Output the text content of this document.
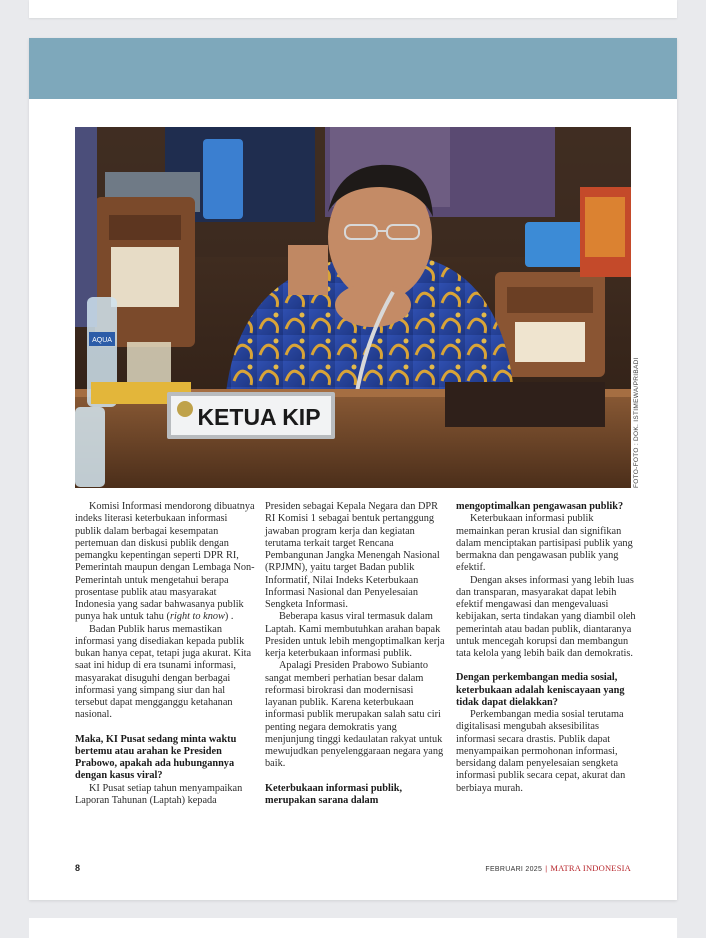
AQUA
KETUA KIP	FOTO-FOTO : DOK. ISTIMEWA/PRIBADI

Komisi Informasi mendorong dibuatnya indeks literasi keterbukaan informasi publik dalam berbagai kesempatan pertemuan dan diskusi publik dengan pemangku kepentingan seperti DPR RI, Pemerintah maupun dengan Lembaga Non-Pemerintah untuk mengetahui berapa prosentase publik atau masyarakat Indonesia yang sadar bahwasanya publik punya hak untuk tahu (right to know) .

Badan Publik harus memastikan informasi yang disediakan kepada publik bukan hanya cepat, tetapi juga akurat. Kita saat ini hidup di era tsunami informasi, masyarakat disuguhi dengan berbagai informasi yang simpang siur dan hal tersebut dapat mengganggu ketahanan nasional.

Maka, KI Pusat sedang minta waktu bertemu atau arahan ke Presiden Prabowo, apakah ada hubungannya dengan kasus viral?

KI Pusat setiap tahun menyampaikan Laporan Tahunan (Laptah) kepada

Presiden sebagai Kepala Negara dan DPR RI Komisi 1 sebagai bentuk pertanggung jawaban program kerja dan kegiatan terutama terkait target Rencana Pembangunan Jangka Menengah Nasional (RPJMN), yaitu target Badan publik Informatif, Nilai Indeks Keterbukaan Informasi Nasional dan Penyelesaian Sengketa Informasi.

Beberapa kasus viral termasuk dalam Laptah. Kami membutuhkan arahan bapak Presiden untuk lebih mengoptimalkan kerja kerja keterbukaan informasi publik.

Apalagi Presiden Prabowo Subianto sangat memberi perhatian besar dalam reformasi birokrasi dan modernisasi layanan publik. Karena keterbukaan informasi publik merupakan salah satu ciri penting negara demokratis yang menjunjung tinggi kedaulatan rakyat untuk mewujudkan penyelenggaraan negara yang baik.

Keterbukaan informasi publik, merupakan sarana dalam

mengoptimalkan pengawasan publik?

Keterbukaan informasi publik memainkan peran krusial dan signifikan dalam menciptakan partisipasi publik yang bermakna dan pengawasan publik yang efektif.

Dengan akses informasi yang lebih luas dan transparan, masyarakat dapat lebih efektif mengawasi dan mengevaluasi kebijakan, serta tindakan yang diambil oleh pemerintah atau badan publik, diantaranya untuk mencegah korupsi dan membangun tata kelola yang lebih baik dan demokratis.

Dengan perkembangan media sosial, keterbukaan adalah keniscayaan yang tidak dapat dielakkan?

Perkembangan media sosial terutama digitalisasi mengubah aksesibilitas informasi secara drastis. Publik dapat menyampaikan permohonan informasi, bersidang dalam penyelesaian sengketa informasi publik secara cepat, akurat dan berbiaya murah.

8	FEBRUARI 2025 | MATRA INDONESIA
